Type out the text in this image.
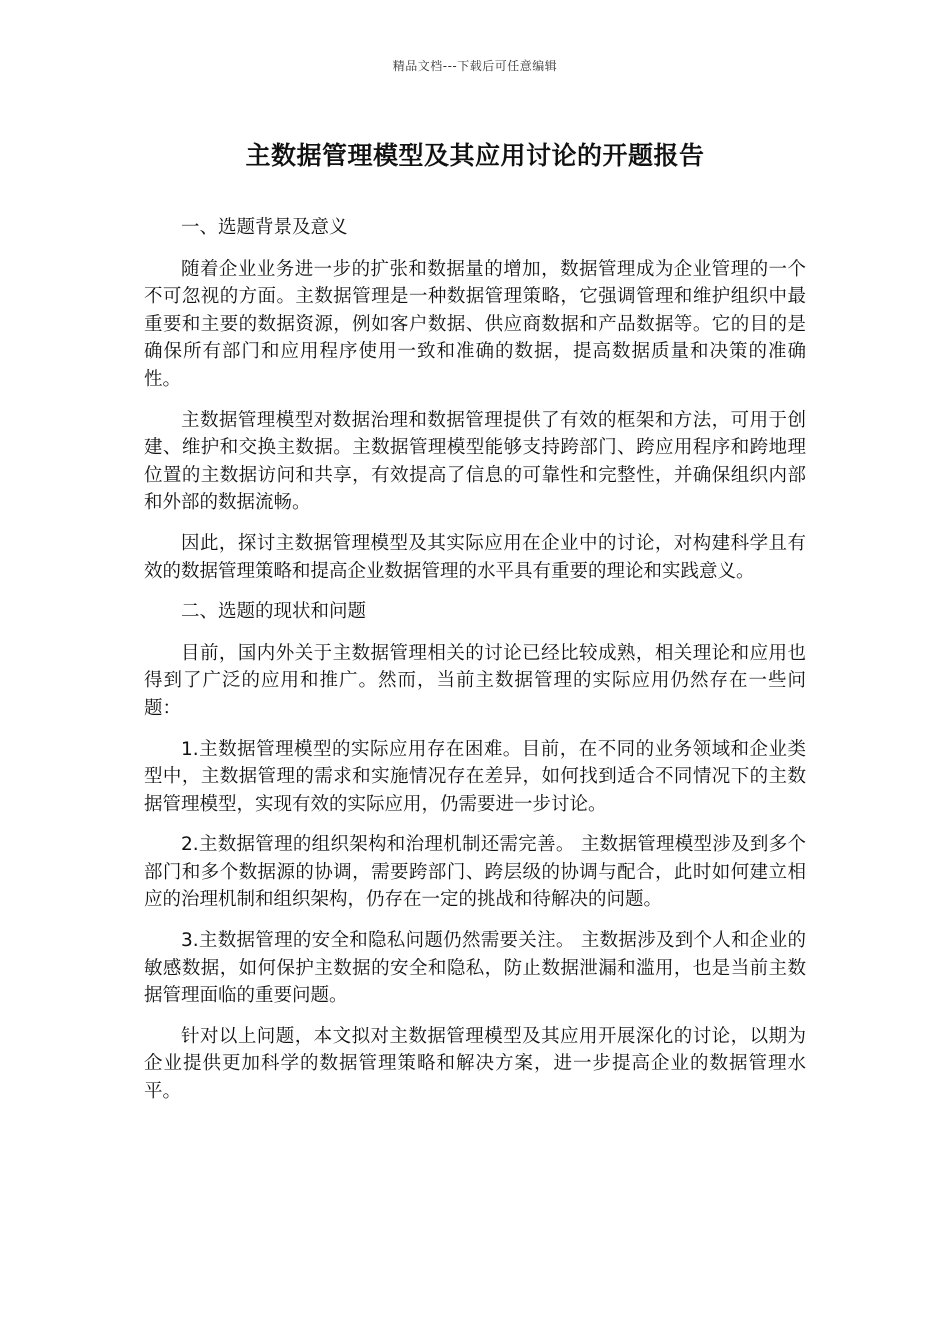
精品文档---下载后可任意编辑
主数据管理模型及其应用讨论的开题报告

一、选题背景及意义

随着企业业务进一步的扩张和数据量的增加，数据管理成为企业管理的一个不可忽视的方面。主数据管理是一种数据管理策略，它强调管理和维护组织中最重要和主要的数据资源，例如客户数据、供应商数据和产品数据等。它的目的是确保所有部门和应用程序使用一致和准确的数据，提高数据质量和决策的准确性。

主数据管理模型对数据治理和数据管理提供了有效的框架和方法，可用于创建、维护和交换主数据。主数据管理模型能够支持跨部门、跨应用程序和跨地理位置的主数据访问和共享，有效提高了信息的可靠性和完整性，并确保组织内部和外部的数据流畅。

因此，探讨主数据管理模型及其实际应用在企业中的讨论，对构建科学且有效的数据管理策略和提高企业数据管理的水平具有重要的理论和实践意义。

二、选题的现状和问题

目前，国内外关于主数据管理相关的讨论已经比较成熟，相关理论和应用也得到了广泛的应用和推广。然而，当前主数据管理的实际应用仍然存在一些问题：

1.主数据管理模型的实际应用存在困难。目前，在不同的业务领域和企业类型中，主数据管理的需求和实施情况存在差异，如何找到适合不同情况下的主数据管理模型，实现有效的实际应用，仍需要进一步讨论。

2.主数据管理的组织架构和治理机制还需完善。 主数据管理模型涉及到多个部门和多个数据源的协调，需要跨部门、跨层级的协调与配合，此时如何建立相应的治理机制和组织架构，仍存在一定的挑战和待解决的问题。

3.主数据管理的安全和隐私问题仍然需要关注。 主数据涉及到个人和企业的敏感数据，如何保护主数据的安全和隐私，防止数据泄漏和滥用，也是当前主数据管理面临的重要问题。

针对以上问题，本文拟对主数据管理模型及其应用开展深化的讨论，以期为企业提供更加科学的数据管理策略和解决方案，进一步提高企业的数据管理水平。
